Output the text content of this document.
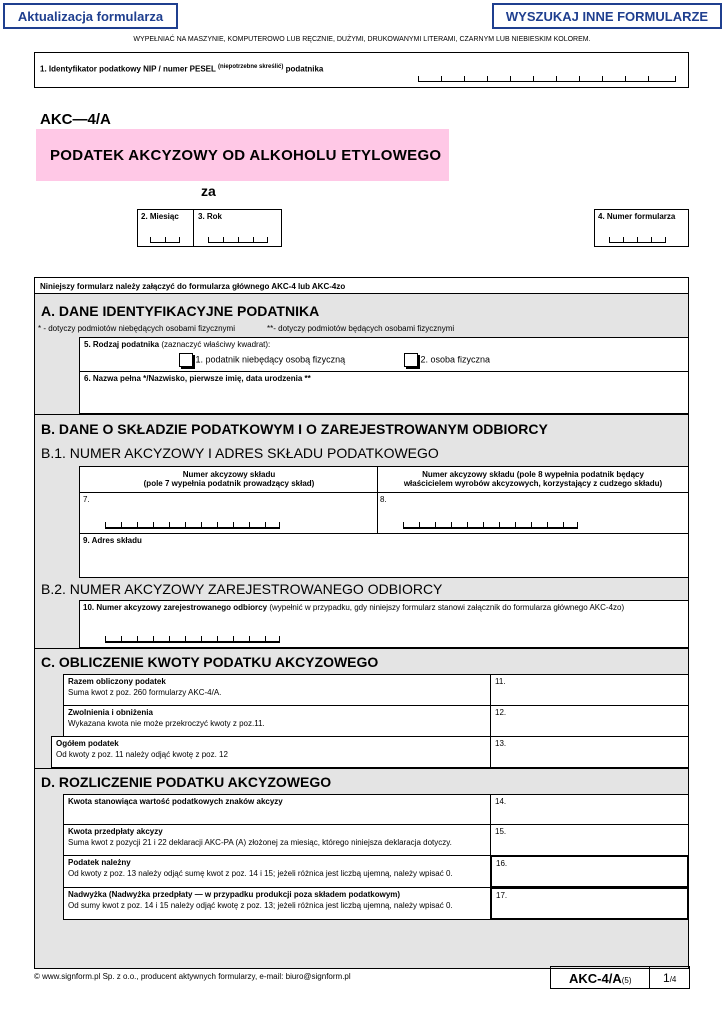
Aktualizacja formularza	WYSZUKAJ INNE FORMULARZE
WYPEŁNIAĆ NA MASZYNIE, KOMPUTEROWO LUB RĘCZNIE, DUŻYMI, DRUKOWANYMI LITERAMI, CZARNYM LUB NIEBIESKIM KOLOREM.
1. Identyfikator podatkowy NIP / numer PESEL $^{(niepotrzebne skreślić)}$ podatnika
AKC—4/A
PODATEK AKCYZOWY OD ALKOHOLU ETYLOWEGO
za
2. Miesiąc 3. Rok	4. Numer formularza
Niniejszy formularz należy załączyć do formularza głównego AKC-4 lub AKC-4zo
A. DANE IDENTYFIKACYJNE PODATNIKA
* - dotyczy podmiotów niebędących osobami fizycznymi	**- dotyczy podmiotów będących osobami fizycznymi
5. Rodzaj podatnika (zaznaczyć właściwy kwadrat):
1. podatnik niebędący osobą fizyczną	2. osoba fizyczna
6. Nazwa pełna */Nazwisko, pierwsze imię, data urodzenia **
B. DANE O SKŁADZIE PODATKOWYM I O ZAREJESTROWANYM ODBIORCY
B.1. NUMER AKCYZOWY I ADRES SKŁADU PODATKOWEGO
Numer akcyzowy składu
(pole 7 wypełnia podatnik prowadzący skład)
Numer akcyzowy składu (pole 8 wypełnia podatnik będący
właścicielem wyrobów akcyzowych, korzystający z cudzego składu)
7.	8.
9. Adres składu
B.2. NUMER AKCYZOWY ZAREJESTROWANEGO ODBIORCY
10. Numer akcyzowy zarejestrowanego odbiorcy (wypełnić w przypadku, gdy niniejszy formularz stanowi załącznik do formularza głównego AKC-4zo)
C. OBLICZENIE KWOTY PODATKU AKCYZOWEGO
Razem obliczony podatek
Suma kwot z poz. 260 formularzy AKC-4/A.
11.
Zwolnienia i obniżenia
Wykazana kwota nie może przekroczyć kwoty z poz.11.
12.
Ogółem podatek
Od kwoty z poz. 11 należy odjąć kwotę z poz. 12
13.
D. ROZLICZENIE PODATKU AKCYZOWEGO
Kwota stanowiąca wartość podatkowych znaków akcyzy	14.
Kwota przedpłaty akcyzy
Suma kwot z pozycji 21 i 22 deklaracji AKC-PA (A) złożonej za miesiąc, którego niniejsza deklaracja dotyczy.
15.
Podatek należny
Od kwoty z poz. 13 należy odjąć sumę kwot z poz. 14 i 15; jeżeli różnica jest liczbą ujemną, należy wpisać 0.
16.
Nadwyżka (Nadwyżka przedpłaty — w przypadku produkcji poza składem podatkowym)
Od sumy kwot z poz. 14 i 15 należy odjąć kwotę z poz. 13; jeżeli różnica jest liczbą ujemną, należy wpisać 0.
17.
© www.signform.pl Sp. z o.o., producent aktywnych formularzy, e-mail: biuro@signform.pl	AKC-4/A(5)	1/4
